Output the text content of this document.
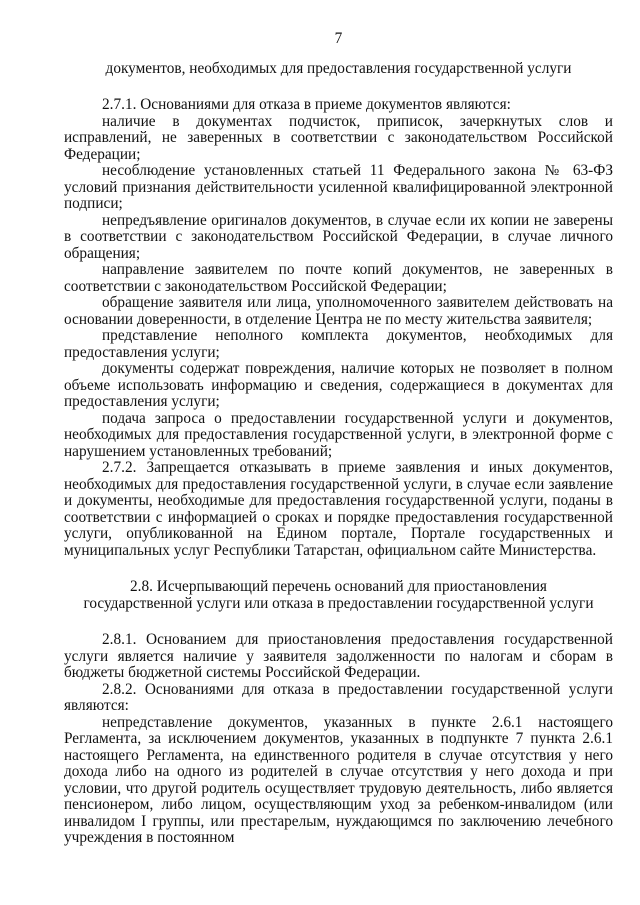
7
документов, необходимых для предоставления государственной услуги

2.7.1. Основаниями для отказа в приеме документов являются:

наличие в документах подчисток, приписок, зачеркнутых слов и исправлений, не заверенных в соответствии с законодательством Российской Федерации;

несоблюдение установленных статьей 11 Федерального закона № 63-ФЗ условий признания действительности усиленной квалифицированной электронной подписи;

непредъявление оригиналов документов, в случае если их копии не заверены в соответствии с законодательством Российской Федерации, в случае личного обращения;

направление заявителем по почте копий документов, не заверенных в соответствии с законодательством Российской Федерации;

обращение заявителя или лица, уполномоченного заявителем действовать на основании доверенности, в отделение Центра не по месту жительства заявителя;

представление неполного комплекта документов, необходимых для предоставления услуги;

документы содержат повреждения, наличие которых не позволяет в полном объеме использовать информацию и сведения, содержащиеся в документах для предоставления услуги;

подача запроса о предоставлении государственной услуги и документов, необходимых для предоставления государственной услуги, в электронной форме с нарушением установленных требований;

2.7.2. Запрещается отказывать в приеме заявления и иных документов, необходимых для предоставления государственной услуги, в случае если заявление и документы, необходимые для предоставления государственной услуги, поданы в соответствии с информацией о сроках и порядке предоставления государственной услуги, опубликованной на Едином портале, Портале государственных и муниципальных услуг Республики Татарстан, официальном сайте Министерства.

2.8. Исчерпывающий перечень оснований для приостановления
государственной услуги или отказа в предоставлении государственной услуги

2.8.1. Основанием для приостановления предоставления государственной услуги является наличие у заявителя задолженности по налогам и сборам в бюджеты бюджетной системы Российской Федерации.

2.8.2. Основаниями для отказа в предоставлении государственной услуги являются:

непредставление документов, указанных в пункте 2.6.1 настоящего Регламента, за исключением документов, указанных в подпункте 7 пункта 2.6.1 настоящего Регламента, на единственного родителя в случае отсутствия у него дохода либо на одного из родителей в случае отсутствия у него дохода и при условии, что другой родитель осуществляет трудовую деятельность, либо является пенсионером, либо лицом, осуществляющим уход за ребенком-инвалидом (или инвалидом I группы, или престарелым, нуждающимся по заключению лечебного учреждения в постоянном
